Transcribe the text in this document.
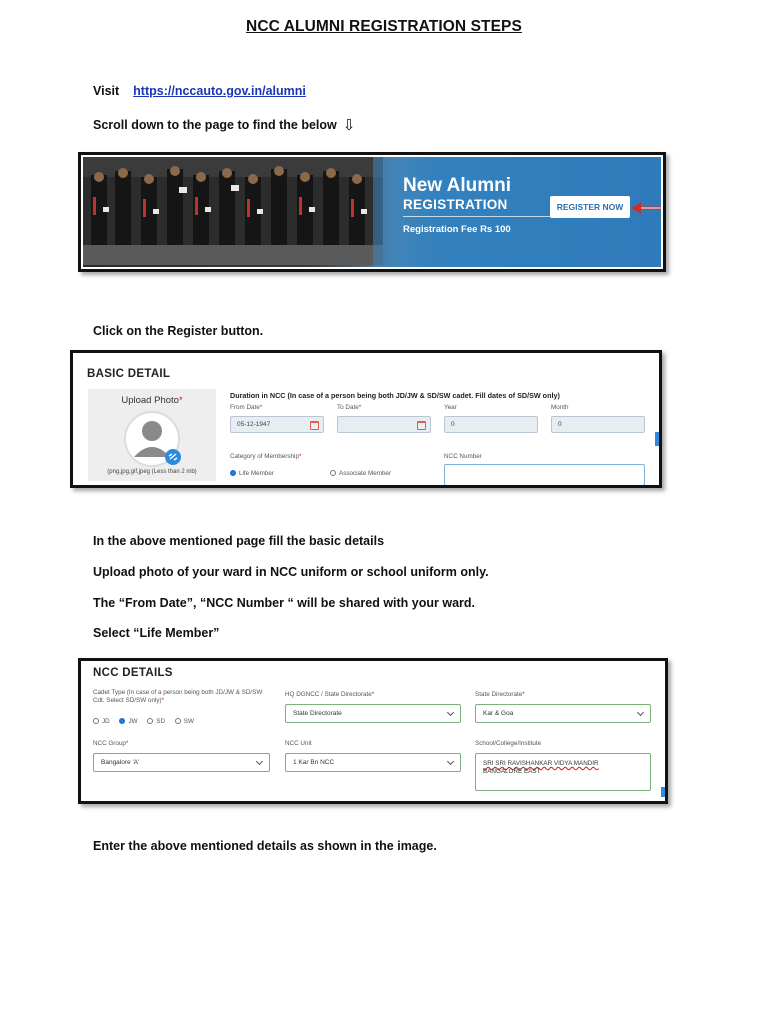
NCC ALUMNI REGISTRATION STEPS
Visit https://nccauto.gov.in/alumni
Scroll down to the page to find the below ⇩
New Alumni
REGISTRATION
Registration Fee Rs 100
REGISTER NOW
Click on the Register button.
BASIC DETAIL
Upload Photo*
(png,jpg,gif,jpeg (Less than 2 mb)
Duration in NCC (In case of a person being both JD/JW & SD/SW cadet. Fill dates of SD/SW only)
From Date*
05-12-1947
To Date*	Year
0
Month
0
Category of Membership*
Life Member	Associate Member
NCC Number
In the above mentioned page fill the basic details
Upload photo of your ward in NCC uniform or school uniform only.
The “From Date”, “NCC Number “ will be shared with your ward.
Select “Life Member”
NCC DETAILS
Cadet Type (In case of a person being both JD/JW & SD/SW Cdt. Select SD/SW only)*
JD	JW	SD	SW
HQ DGNCC / State Directorate*
State Directorate
State Directorate*
Kar & Goa
NCC Group*
Bangalore 'A'
NCC Unit
1 Kar Bn NCC
School/College/Institute
SRI SRI RAVISHANKAR VIDYA MANDIR
BANGALORE EAST
Enter the above mentioned details as shown in the image.
